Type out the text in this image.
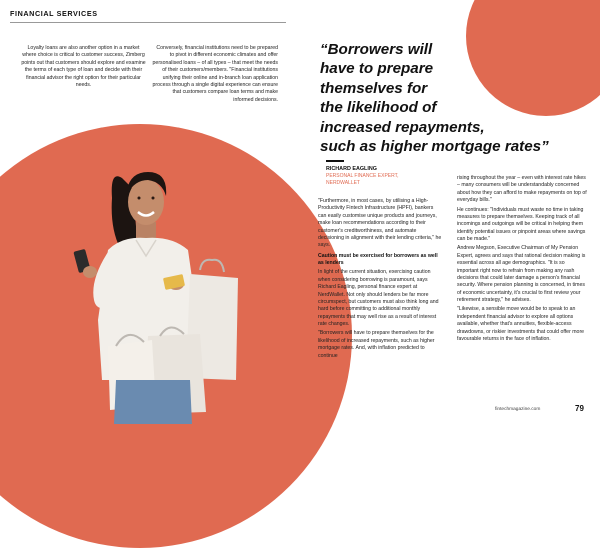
FINANCIAL SERVICES

Loyalty loans are also another option in a market where choice is critical to customer success, Zimberg points out that customers should explore and examine the terms of each type of loan and decide with their financial advisor the right option for their particular needs.

Conversely, financial institutions need to be prepared to pivot in different economic climates and offer personalised loans – of all types – that meet the needs of their customers/members. "Financial institutions unifying their online and in-branch loan application process through a single digital experience can ensure that customers compare loan terms and make informed decisions.

“Borrowers will
have to prepare
themselves for
the likelihood of
increased repayments,
such as higher mortgage rates”
RICHARD EAGLING
PERSONAL FINANCE EXPERT,
NERDWALLET

"Furthermore, in most cases, by utilising a High-Productivity Fintech Infrastructure (HPFI), bankers can easily customise unique products and journeys, make loan recommendations according to their customer's creditworthiness, and automate decisioning in alignment with their lending criteria," he says.

Caution must be exercised for borrowers as well as lenders

In light of the current situation, exercising caution when considering borrowing is paramount, says Richard Eagling, personal finance expert at NerdWallet. Not only should lenders be far more circumspect, but customers must also think long and hard before committing to additional monthly repayments that may well rise as a result of interest rate changes.

"Borrowers will have to prepare themselves for the likelihood of increased repayments, such as higher mortgage rates. And, with inflation predicted to continue

rising throughout the year – even with interest rate hikes – many consumers will be understandably concerned about how they can afford to make repayments on top of everyday bills."

He continues: "Individuals must waste no time in taking measures to prepare themselves. Keeping track of all incomings and outgoings will be critical in helping them identify potential issues or pinpoint areas where savings can be made."

Andrew Megson, Executive Chairman of My Pension Expert, agrees and says that rational decision making is essential across all age demographics. "It is so important right now to refrain from making any rash decisions that could later damage a person's financial security. Where pension planning is concerned, in times of economic uncertainty, it's crucial to first review your retirement strategy," he advises.

"Likewise, a sensible move would be to speak to an independent financial advisor to explore all options available, whether that's annuities, flexible-access drawdowns, or riskier investments that could offer more favourable returns in the face of inflation.

fintechmagazine.com	79
